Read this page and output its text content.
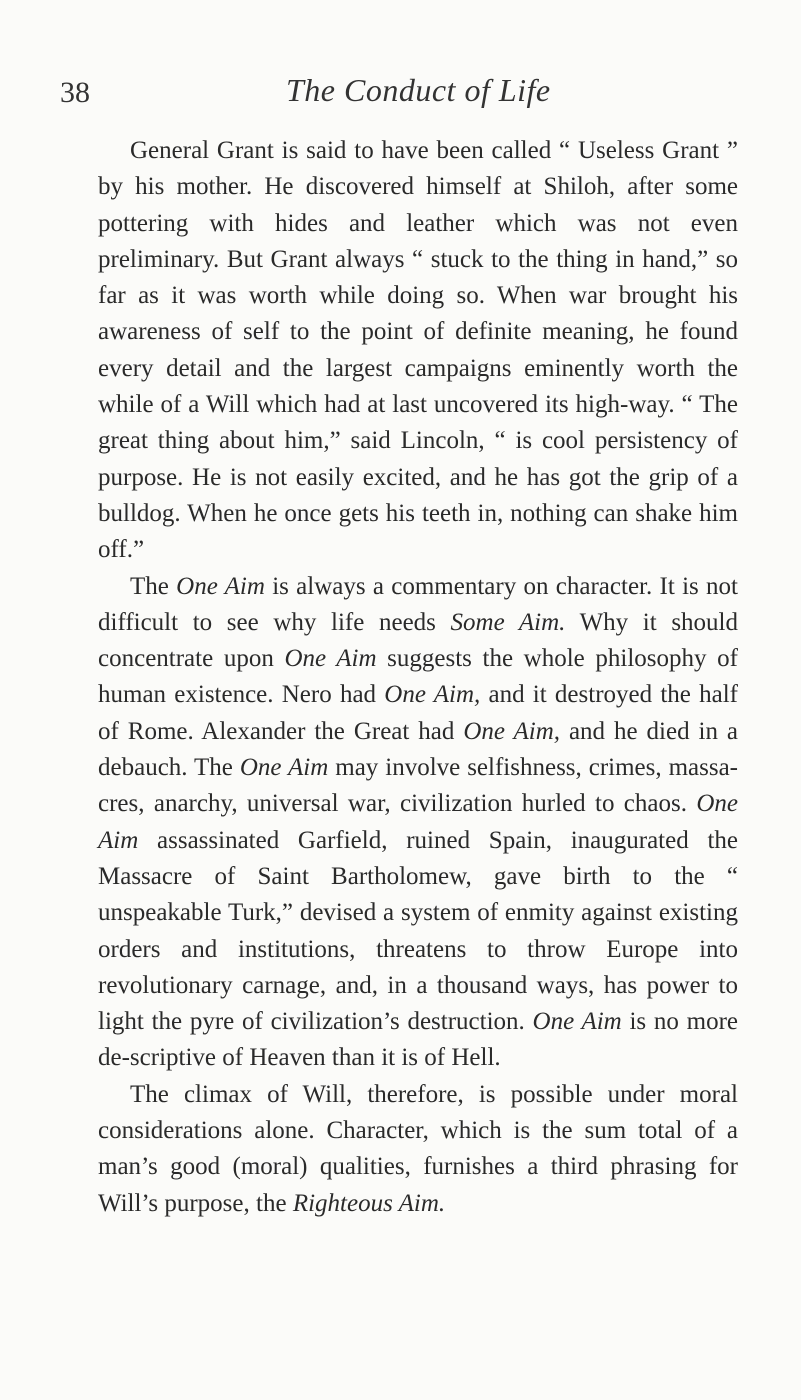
38	The Conduct of Life

General Grant is said to have been called “ Useless Grant ” by his mother. He discovered himself at Shiloh, after some pottering with hides and leather which was not even preliminary. But Grant always “ stuck to the thing in hand,” so far as it was worth while doing so. When war brought his awareness of self to the point of definite meaning, he found every detail and the largest campaigns eminently worth the while of a Will which had at last uncovered its high-way. “ The great thing about him,” said Lincoln, “ is cool persistency of purpose. He is not easily excited, and he has got the grip of a bulldog. When he once gets his teeth in, nothing can shake him off.”

The One Aim is always a commentary on character. It is not difficult to see why life needs Some Aim. Why it should concentrate upon One Aim suggests the whole philosophy of human existence. Nero had One Aim, and it destroyed the half of Rome. Alexander the Great had One Aim, and he died in a debauch. The One Aim may involve selfishness, crimes, massa-cres, anarchy, universal war, civilization hurled to chaos. One Aim assassinated Garfield, ruined Spain, inaugurated the Massacre of Saint Bartholomew, gave birth to the “ unspeakable Turk,” devised a system of enmity against existing orders and institutions, threatens to throw Europe into revolutionary carnage, and, in a thousand ways, has power to light the pyre of civilization’s destruction. One Aim is no more de-scriptive of Heaven than it is of Hell.

The climax of Will, therefore, is possible under moral considerations alone. Character, which is the sum total of a man’s good (moral) qualities, furnishes a third phrasing for Will’s purpose, the Righteous Aim.
